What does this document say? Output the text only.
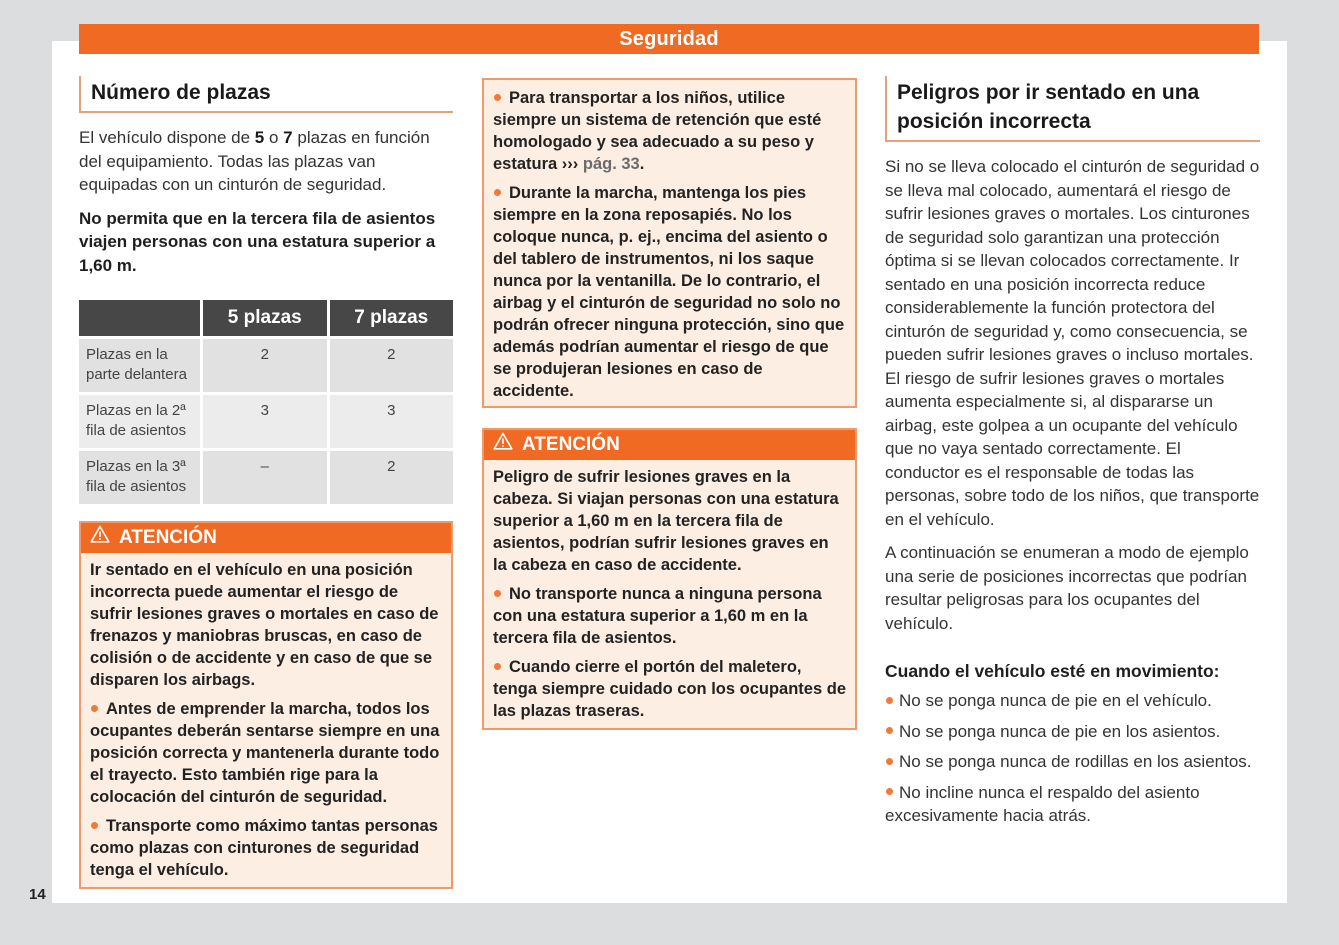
Seguridad
Número de plazas

El vehículo dispone de 5 o 7 plazas en función del equipamiento. Todas las plazas van equipadas con un cinturón de seguridad.

No permita que en la tercera fila de asientos viajen personas con una estatura superior a 1,60 m.

	5 plazas	7 plazas
Plazas en la parte delantera	2	2
Plazas en la 2ª fila de asientos	3	3
Plazas en la 3ª fila de asientos	–	2
ATENCIÓN

Ir sentado en el vehículo en una posición incorrecta puede aumentar el riesgo de sufrir lesiones graves o mortales en caso de frenazos y maniobras bruscas, en caso de colisión o de accidente y en caso de que se disparen los airbags.

Antes de emprender la marcha, todos los ocupantes deberán sentarse siempre en una posición correcta y mantenerla durante todo el trayecto. Esto también rige para la colocación del cinturón de seguridad.

Transporte como máximo tantas personas como plazas con cinturones de seguridad tenga el vehículo.

Para transportar a los niños, utilice siempre un sistema de retención que esté homologado y sea adecuado a su peso y estatura ››› pág. 33.

Durante la marcha, mantenga los pies siempre en la zona reposapiés. No los coloque nunca, p. ej., encima del asiento o del tablero de instrumentos, ni los saque nunca por la ventanilla. De lo contrario, el airbag y el cinturón de seguridad no solo no podrán ofrecer ninguna protección, sino que además podrían aumentar el riesgo de que se produjeran lesiones en caso de accidente.

ATENCIÓN

Peligro de sufrir lesiones graves en la cabeza. Si viajan personas con una estatura superior a 1,60 m en la tercera fila de asientos, podrían sufrir lesiones graves en la cabeza en caso de accidente.

No transporte nunca a ninguna persona con una estatura superior a 1,60 m en la tercera fila de asientos.

Cuando cierre el portón del maletero, tenga siempre cuidado con los ocupantes de las plazas traseras.

Peligros por ir sentado en una posición incorrecta

Si no se lleva colocado el cinturón de seguridad o se lleva mal colocado, aumentará el riesgo de sufrir lesiones graves o mortales. Los cinturones de seguridad solo garantizan una protección óptima si se llevan colocados correctamente. Ir sentado en una posición incorrecta reduce considerablemente la función protectora del cinturón de seguridad y, como consecuencia, se pueden sufrir lesiones graves o incluso mortales. El riesgo de sufrir lesiones graves o mortales aumenta especialmente si, al dispararse un airbag, este golpea a un ocupante del vehículo que no vaya sentado correctamente. El conductor es el responsable de todas las personas, sobre todo de los niños, que transporte en el vehículo.

A continuación se enumeran a modo de ejemplo una serie de posiciones incorrectas que podrían resultar peligrosas para los ocupantes del vehículo.

Cuando el vehículo esté en movimiento:

No se ponga nunca de pie en el vehículo.

No se ponga nunca de pie en los asientos.

No se ponga nunca de rodillas en los asientos.

No incline nunca el respaldo del asiento excesivamente hacia atrás.

14
